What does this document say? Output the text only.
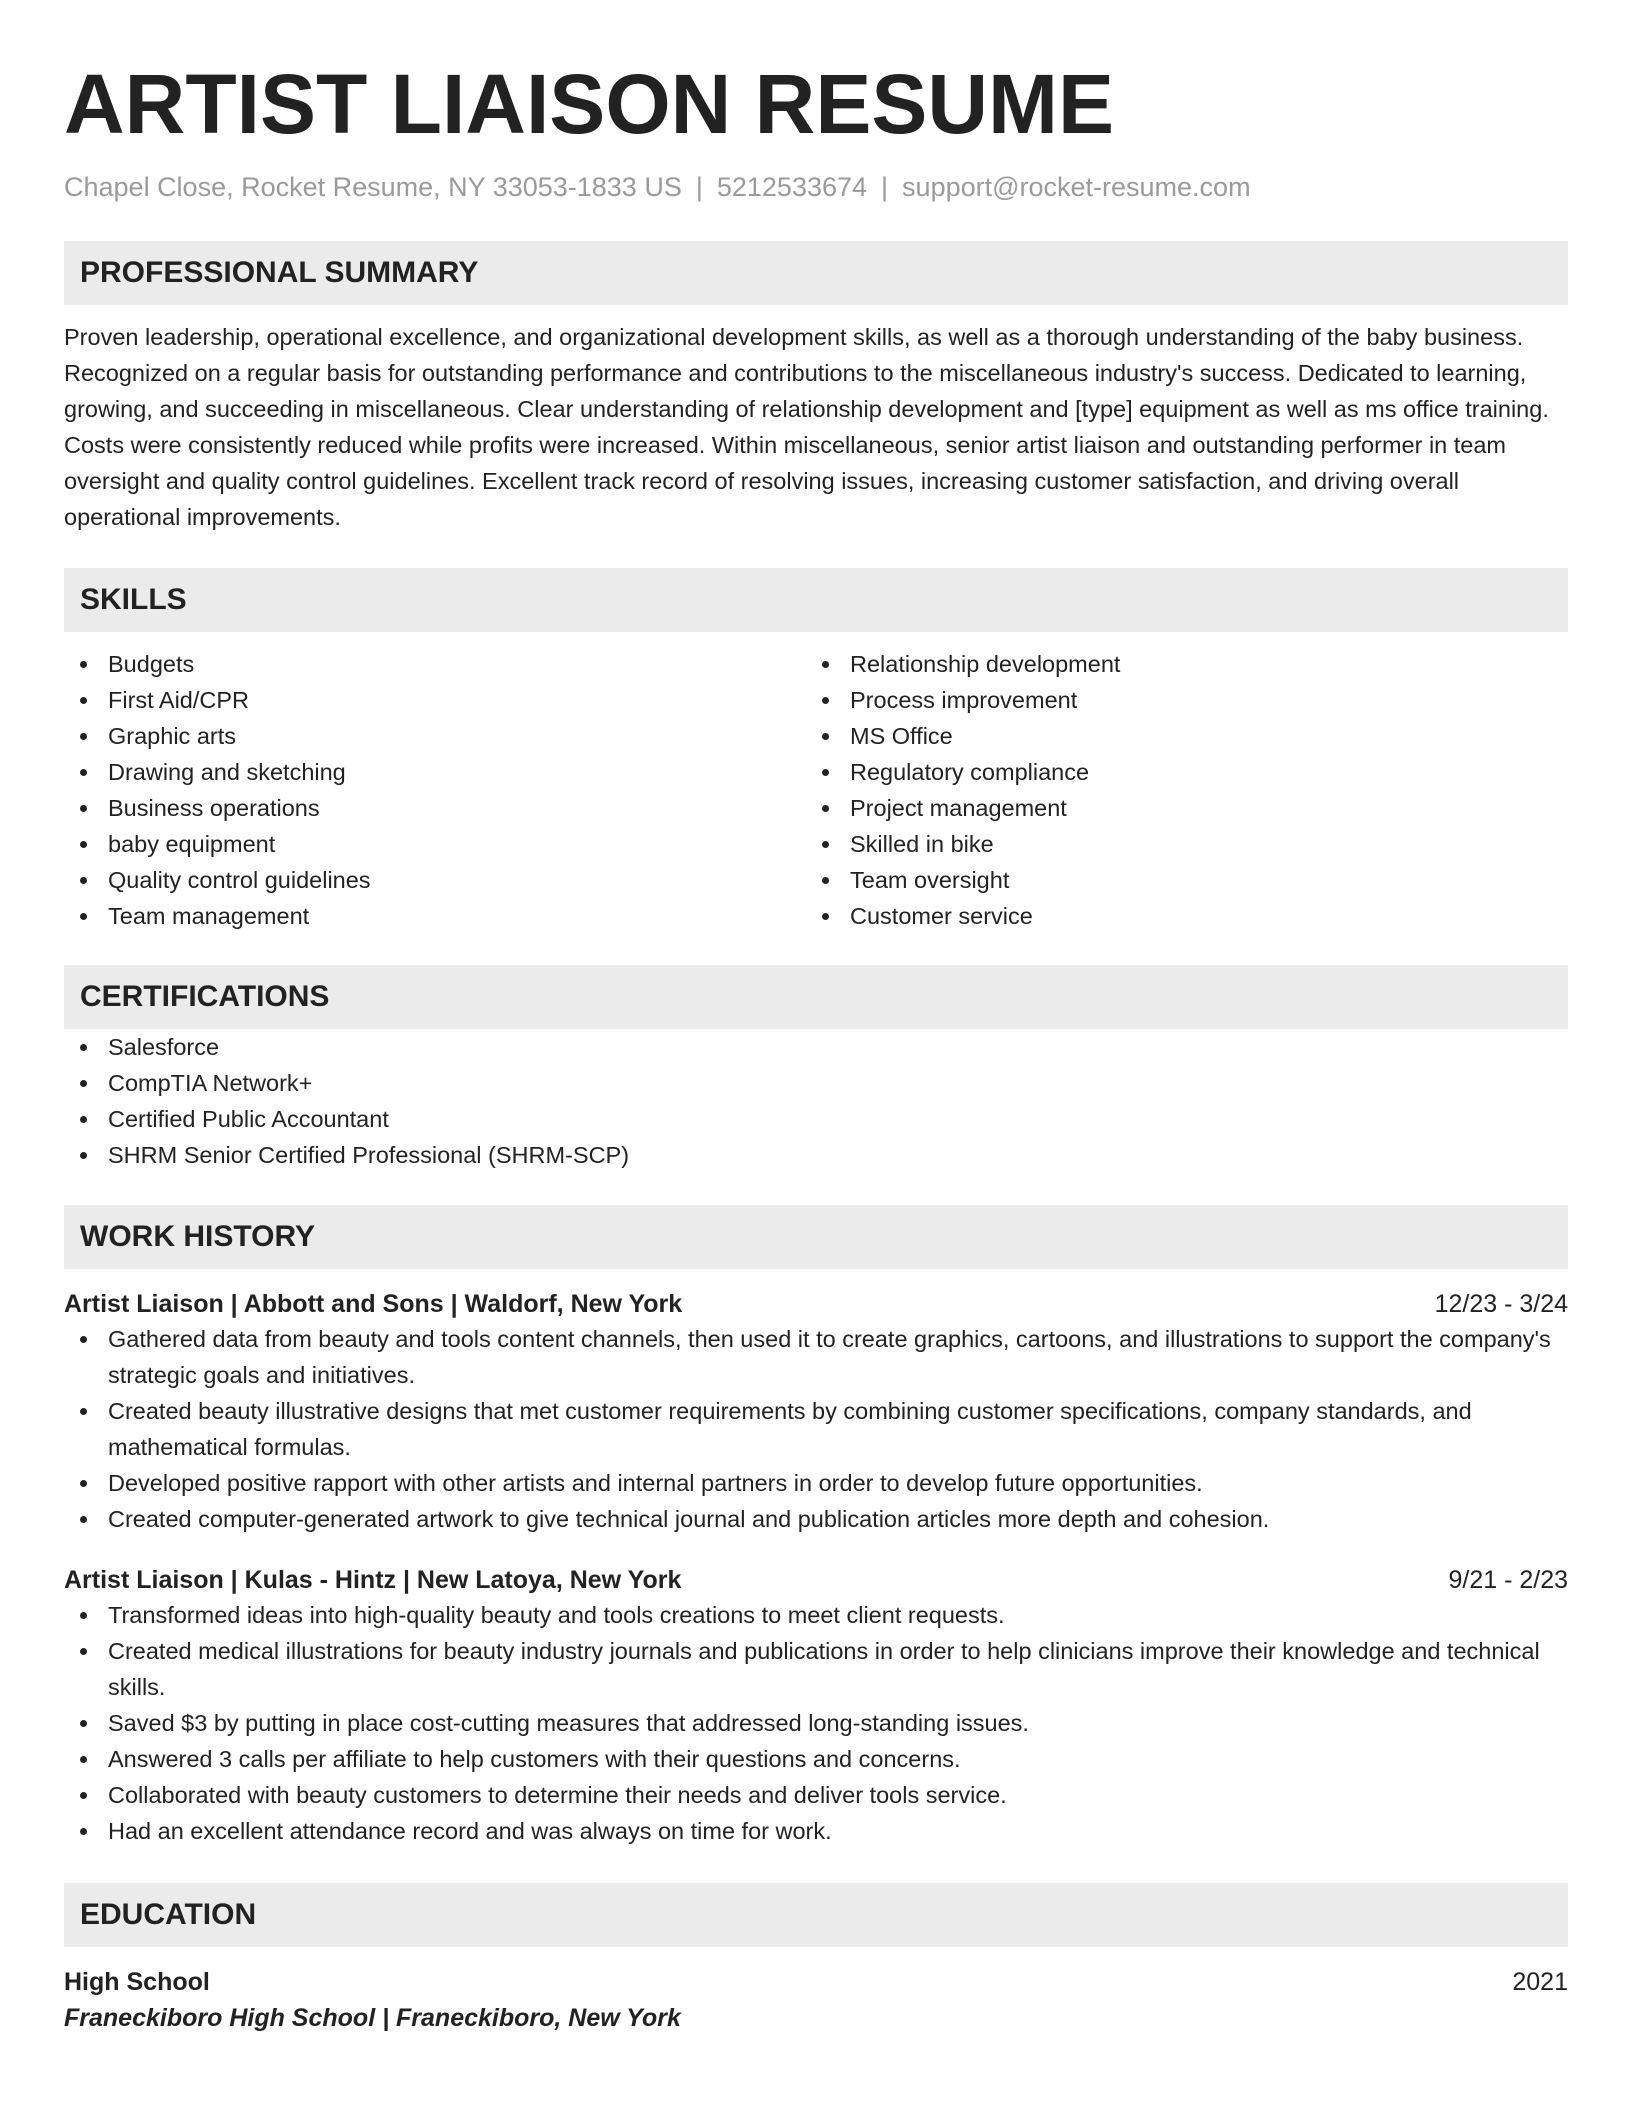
ARTIST LIAISON RESUME
Chapel Close, Rocket Resume, NY 33053-1833 US | 5212533674 | support@rocket-resume.com
PROFESSIONAL SUMMARY
Proven leadership, operational excellence, and organizational development skills, as well as a thorough understanding of the baby business. Recognized on a regular basis for outstanding performance and contributions to the miscellaneous industry's success. Dedicated to learning, growing, and succeeding in miscellaneous. Clear understanding of relationship development and [type] equipment as well as ms office training. Costs were consistently reduced while profits were increased. Within miscellaneous, senior artist liaison and outstanding performer in team oversight and quality control guidelines. Excellent track record of resolving issues, increasing customer satisfaction, and driving overall operational improvements.
SKILLS
Budgets
First Aid/CPR
Graphic arts
Drawing and sketching
Business operations
baby equipment
Quality control guidelines
Team management
Relationship development
Process improvement
MS Office
Regulatory compliance
Project management
Skilled in bike
Team oversight
Customer service
CERTIFICATIONS
Salesforce
CompTIA Network+
Certified Public Accountant
SHRM Senior Certified Professional (SHRM-SCP)
WORK HISTORY
Artist Liaison | Abbott and Sons | Waldorf, New York	12/23 - 3/24
Gathered data from beauty and tools content channels, then used it to create graphics, cartoons, and illustrations to support the company's strategic goals and initiatives.
Created beauty illustrative designs that met customer requirements by combining customer specifications, company standards, and mathematical formulas.
Developed positive rapport with other artists and internal partners in order to develop future opportunities.
Created computer-generated artwork to give technical journal and publication articles more depth and cohesion.
Artist Liaison | Kulas - Hintz | New Latoya, New York	9/21 - 2/23
Transformed ideas into high-quality beauty and tools creations to meet client requests.
Created medical illustrations for beauty industry journals and publications in order to help clinicians improve their knowledge and technical skills.
Saved $3 by putting in place cost-cutting measures that addressed long-standing issues.
Answered 3 calls per affiliate to help customers with their questions and concerns.
Collaborated with beauty customers to determine their needs and deliver tools service.
Had an excellent attendance record and was always on time for work.
EDUCATION
High School	2021
Franeckiboro High School | Franeckiboro, New York
